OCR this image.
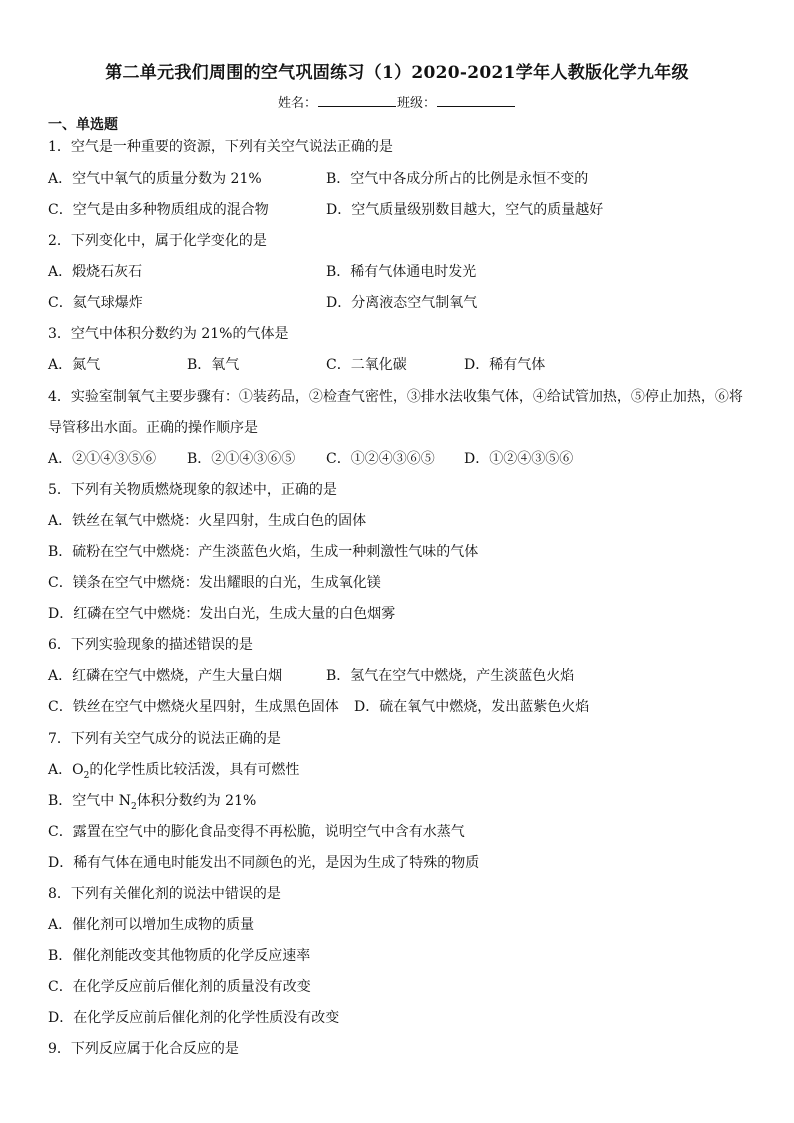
第二单元我们周围的空气巩固练习（1）2020-2021学年人教版化学九年级
姓名：	班级：
一、单选题
1．空气是一种重要的资源，下列有关空气说法正确的是
A．空气中氧气的质量分数为 21%	B．空气中各成分所占的比例是永恒不变的
C．空气是由多种物质组成的混合物	D．空气质量级别数目越大，空气的质量越好
2．下列变化中，属于化学变化的是
A．煅烧石灰石	B．稀有气体通电时发光
C．氦气球爆炸	D．分离液态空气制氧气
3．空气中体积分数约为 21%的气体是
A．氮气	B．氧气	C．二氧化碳	D．稀有气体
4．实验室制氧气主要步骤有：①装药品，②检查气密性，③排水法收集气体，④给试管加热，⑤停止加热，⑥将
导管移出水面。正确的操作顺序是
A．②①④③⑤⑥ B．②①④③⑥⑤ C．①②④③⑥⑤ D．①②④③⑤⑥
5．下列有关物质燃烧现象的叙述中，正确的是
A．铁丝在氧气中燃烧：火星四射，生成白色的固体
B．硫粉在空气中燃烧：产生淡蓝色火焰，生成一种刺激性气味的气体
C．镁条在空气中燃烧：发出耀眼的白光，生成氧化镁
D．红磷在空气中燃烧：发出白光，生成大量的白色烟雾
6．下列实验现象的描述错误的是
A．红磷在空气中燃烧，产生大量白烟	B．氢气在空气中燃烧，产生淡蓝色火焰
C．铁丝在空气中燃烧火星四射，生成黑色固体 D．硫在氧气中燃烧，发出蓝紫色火焰
7．下列有关空气成分的说法正确的是
A．$O_2$的化学性质比较活泼，具有可燃性
B．空气中 $N_2$体积分数约为 21%
C．露置在空气中的膨化食品变得不再松脆，说明空气中含有水蒸气
D．稀有气体在通电时能发出不同颜色的光，是因为生成了特殊的物质
8．下列有关催化剂的说法中错误的是
A．催化剂可以增加生成物的质量
B．催化剂能改变其他物质的化学反应速率
C．在化学反应前后催化剂的质量没有改变
D．在化学反应前后催化剂的化学性质没有改变
9．下列反应属于化合反应的是
